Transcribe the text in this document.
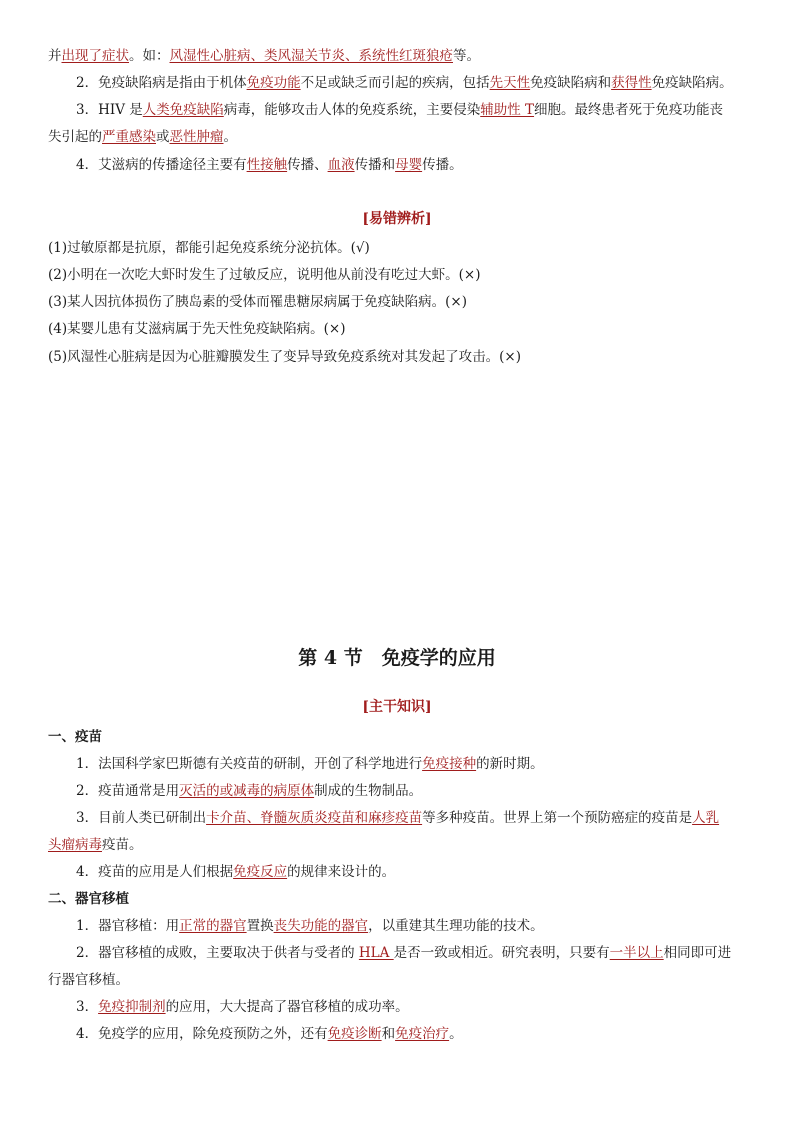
并出现了症状。如：风湿性心脏病、类风湿关节炎、系统性红斑狼疮等。
2．免疫缺陷病是指由于机体免疫功能不足或缺乏而引起的疾病，包括先天性免疫缺陷病和获得性免疫缺陷病。
3．HIV 是人类免疫缺陷病毒，能够攻击人体的免疫系统，主要侵染辅助性 T细胞。最终患者死于免疫功能丧
失引起的严重感染或恶性肿瘤。
4．艾滋病的传播途径主要有性接触传播、血液传播和母婴传播。
[易错辨析]
(1)过敏原都是抗原，都能引起免疫系统分泌抗体。(√)
(2)小明在一次吃大虾时发生了过敏反应，说明他从前没有吃过大虾。(×)
(3)某人因抗体损伤了胰岛素的受体而罹患糖尿病属于免疫缺陷病。(×)
(4)某婴儿患有艾滋病属于先天性免疫缺陷病。(×)
(5)风湿性心脏病是因为心脏瓣膜发生了变异导致免疫系统对其发起了攻击。(×)
第 4 节　免疫学的应用
[主干知识]
一、疫苗
1．法国科学家巴斯德有关疫苗的研制，开创了科学地进行免疫接种的新时期。
2．疫苗通常是用灭活的或减毒的病原体制成的生物制品。
3．目前人类已研制出卡介苗、脊髓灰质炎疫苗和麻疹疫苗等多种疫苗。世界上第一个预防癌症的疫苗是人乳
头瘤病毒疫苗。
4．疫苗的应用是人们根据免疫反应的规律来设计的。
二、器官移植
1．器官移植：用正常的器官置换丧失功能的器官，以重建其生理功能的技术。
2．器官移植的成败，主要取决于供者与受者的 HLA 是否一致或相近。研究表明，只要有一半以上相同即可进
行器官移植。
3．免疫抑制剂的应用，大大提高了器官移植的成功率。
4．免疫学的应用，除免疫预防之外，还有免疫诊断和免疫治疗。
